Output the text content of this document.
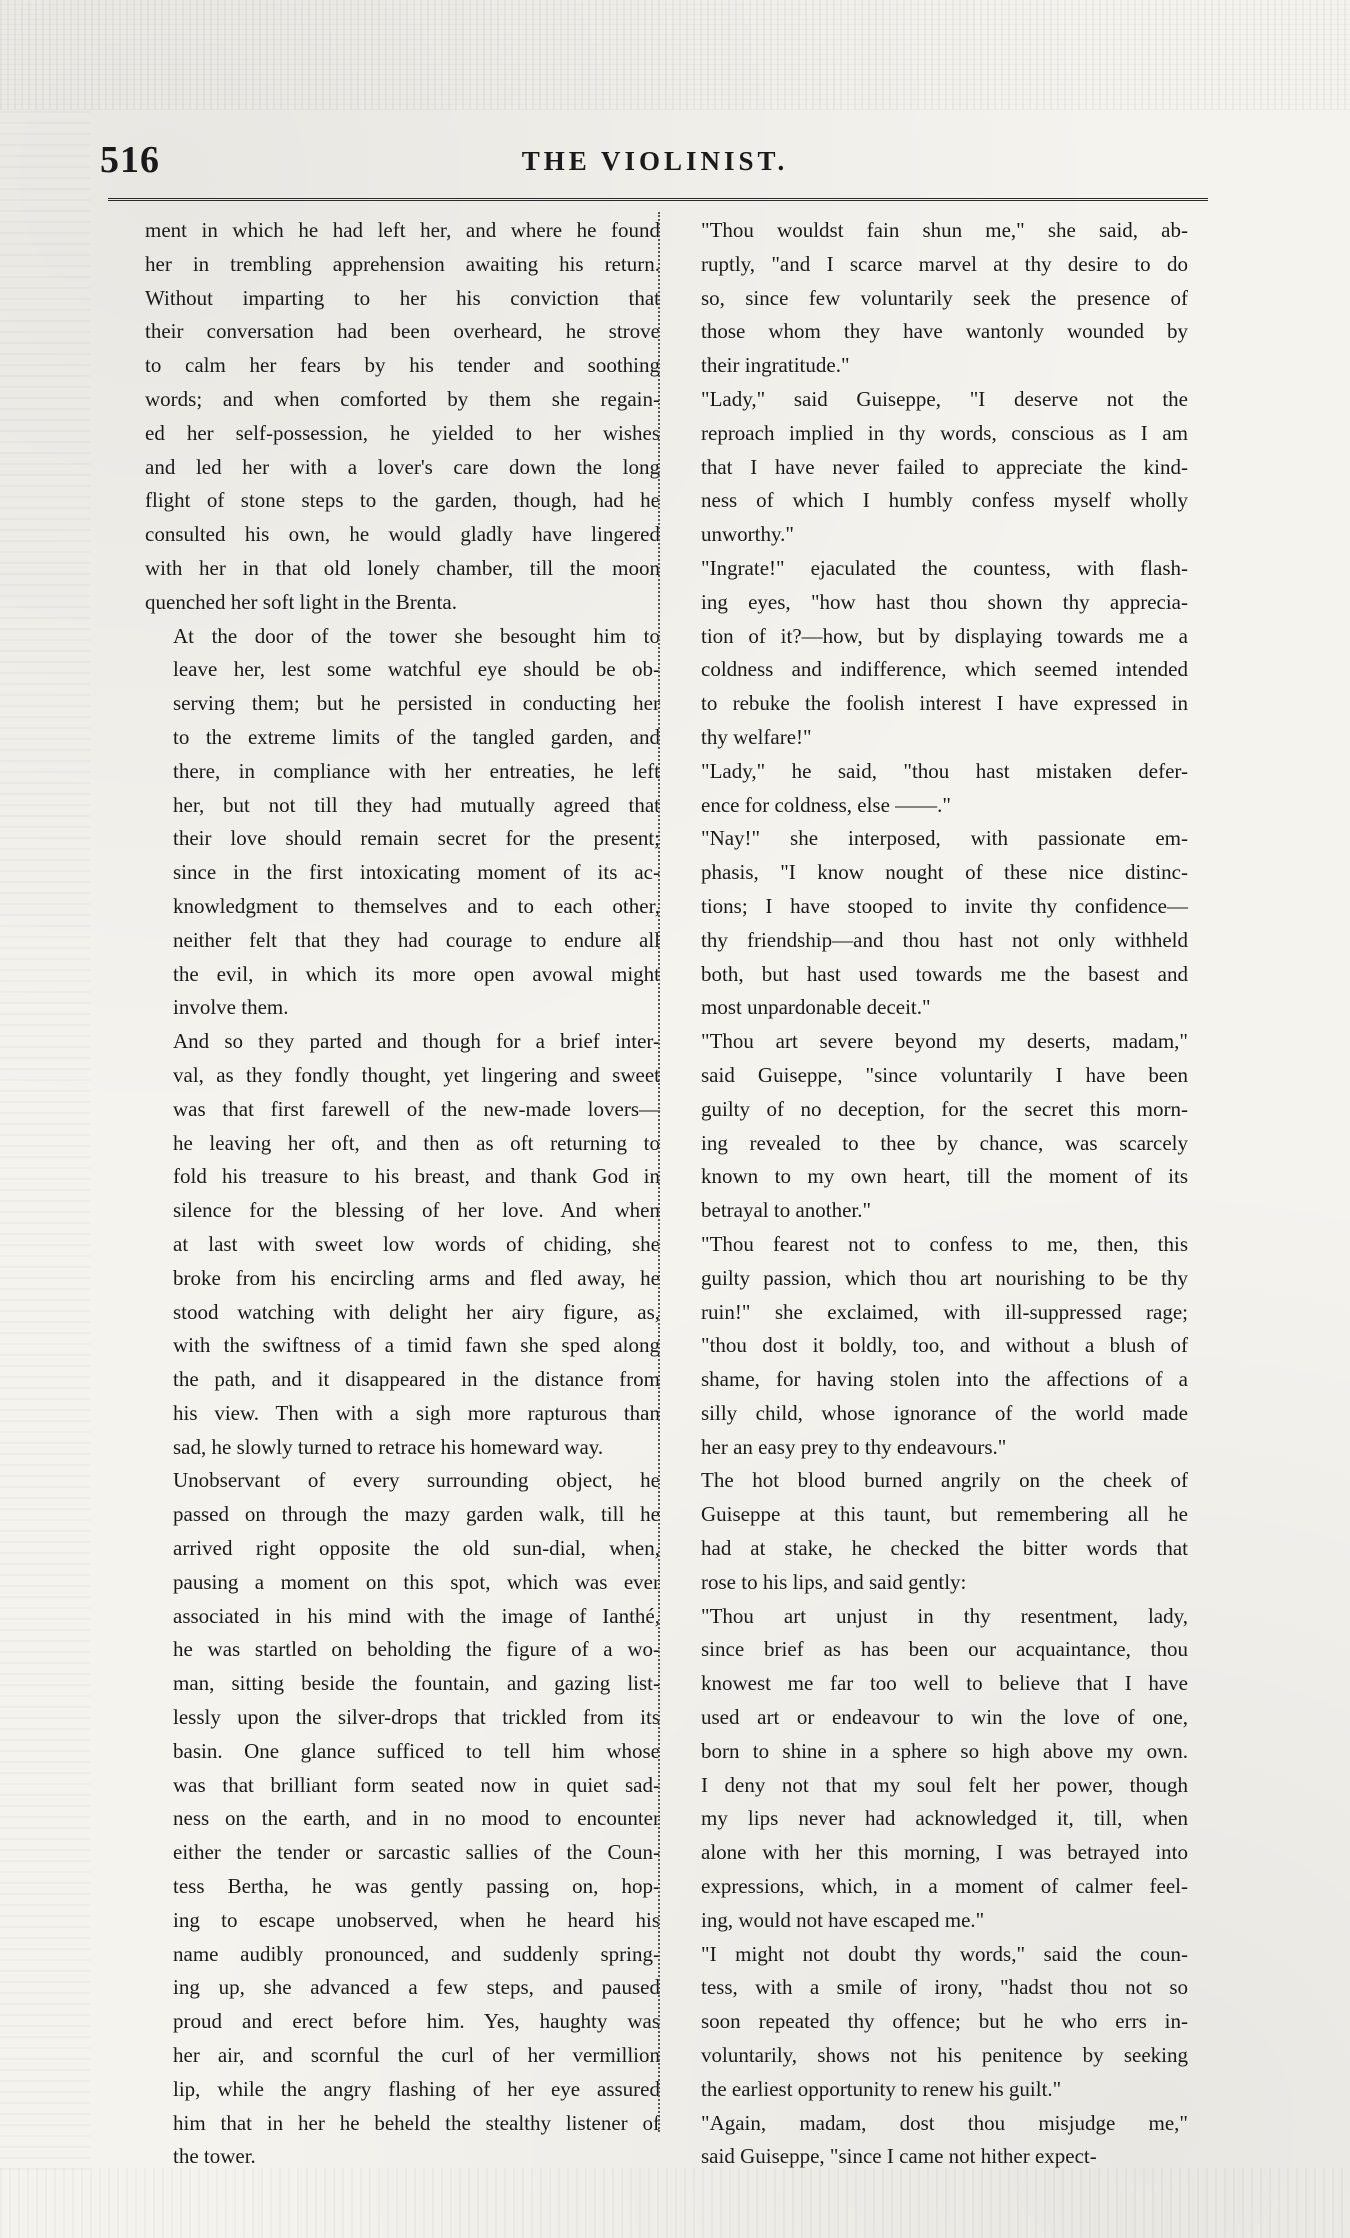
516	THE VIOLINIST.

ment in which he had left her, and where he found
her in trembling apprehension awaiting his return.
Without imparting to her his conviction that
their conversation had been overheard, he strove
to calm her fears by his tender and soothing
words; and when comforted by them she regain-
ed her self-possession, he yielded to her wishes
and led her with a lover's care down the long
flight of stone steps to the garden, though, had he
consulted his own, he would gladly have lingered
with her in that old lonely chamber, till the moon
quenched her soft light in the Brenta.

At the door of the tower she besought him to
leave her, lest some watchful eye should be ob-
serving them; but he persisted in conducting her
to the extreme limits of the tangled garden, and
there, in compliance with her entreaties, he left
her, but not till they had mutually agreed that
their love should remain secret for the present;
since in the first intoxicating moment of its ac-
knowledgment to themselves and to each other,
neither felt that they had courage to endure all
the evil, in which its more open avowal might
involve them.

And so they parted and though for a brief inter-
val, as they fondly thought, yet lingering and sweet
was that first farewell of the new-made lovers—
he leaving her oft, and then as oft returning to
fold his treasure to his breast, and thank God in
silence for the blessing of her love. And when
at last with sweet low words of chiding, she
broke from his encircling arms and fled away, he
stood watching with delight her airy figure, as,
with the swiftness of a timid fawn she sped along
the path, and it disappeared in the distance from
his view. Then with a sigh more rapturous than
sad, he slowly turned to retrace his homeward way.

Unobservant of every surrounding object, he
passed on through the mazy garden walk, till he
arrived right opposite the old sun-dial, when,
pausing a moment on this spot, which was ever
associated in his mind with the image of Ianthé,
he was startled on beholding the figure of a wo-
man, sitting beside the fountain, and gazing list-
lessly upon the silver-drops that trickled from its
basin. One glance sufficed to tell him whose
was that brilliant form seated now in quiet sad-
ness on the earth, and in no mood to encounter
either the tender or sarcastic sallies of the Coun-
tess Bertha, he was gently passing on, hop-
ing to escape unobserved, when he heard his
name audibly pronounced, and suddenly spring-
ing up, she advanced a few steps, and paused
proud and erect before him. Yes, haughty was
her air, and scornful the curl of her vermillion
lip, while the angry flashing of her eye assured
him that in her he beheld the stealthy listener of
the tower.

"Thou wouldst fain shun me," she said, ab-
ruptly, "and I scarce marvel at thy desire to do
so, since few voluntarily seek the presence of
those whom they have wantonly wounded by
their ingratitude."

"Lady," said Guiseppe, "I deserve not the
reproach implied in thy words, conscious as I am
that I have never failed to appreciate the kind-
ness of which I humbly confess myself wholly
unworthy."

"Ingrate!" ejaculated the countess, with flash-
ing eyes, "how hast thou shown thy apprecia-
tion of it?—how, but by displaying towards me a
coldness and indifference, which seemed intended
to rebuke the foolish interest I have expressed in
thy welfare!"

"Lady," he said, "thou hast mistaken defer-
ence for coldness, else ——."

"Nay!" she interposed, with passionate em-
phasis, "I know nought of these nice distinc-
tions; I have stooped to invite thy confidence—
thy friendship—and thou hast not only withheld
both, but hast used towards me the basest and
most unpardonable deceit."

"Thou art severe beyond my deserts, madam,"
said Guiseppe, "since voluntarily I have been
guilty of no deception, for the secret this morn-
ing revealed to thee by chance, was scarcely
known to my own heart, till the moment of its
betrayal to another."

"Thou fearest not to confess to me, then, this
guilty passion, which thou art nourishing to be thy
ruin!" she exclaimed, with ill-suppressed rage;
"thou dost it boldly, too, and without a blush of
shame, for having stolen into the affections of a
silly child, whose ignorance of the world made
her an easy prey to thy endeavours."

The hot blood burned angrily on the cheek of
Guiseppe at this taunt, but remembering all he
had at stake, he checked the bitter words that
rose to his lips, and said gently:

"Thou art unjust in thy resentment, lady,
since brief as has been our acquaintance, thou
knowest me far too well to believe that I have
used art or endeavour to win the love of one,
born to shine in a sphere so high above my own.
I deny not that my soul felt her power, though
my lips never had acknowledged it, till, when
alone with her this morning, I was betrayed into
expressions, which, in a moment of calmer feel-
ing, would not have escaped me."

"I might not doubt thy words," said the coun-
tess, with a smile of irony, "hadst thou not so
soon repeated thy offence; but he who errs in-
voluntarily, shows not his penitence by seeking
the earliest opportunity to renew his guilt."

"Again, madam, dost thou misjudge me,"
said Guiseppe, "since I came not hither expect-
